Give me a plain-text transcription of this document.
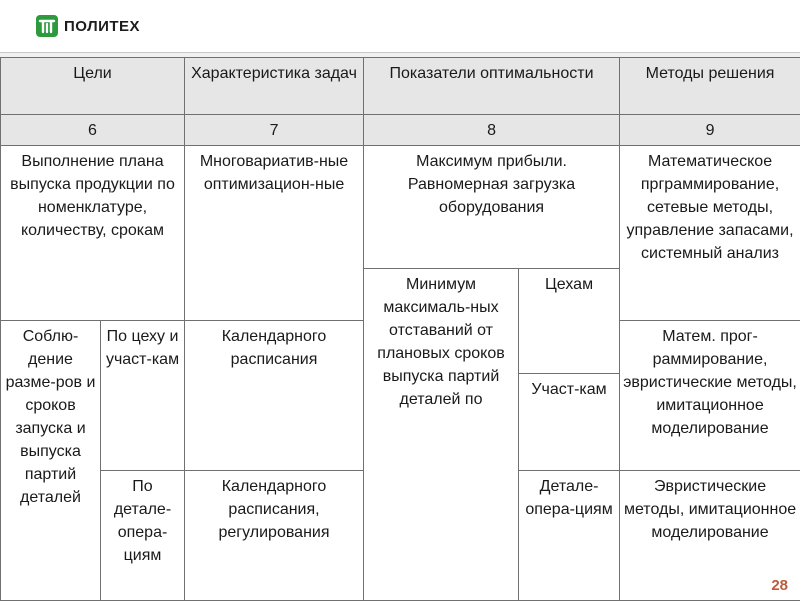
ПОЛИТЕХ
Цели		Характеристика задач	Показатели оптимальности		Методы решения
6		7	8		9
Выполнение плана выпуска продукции по номенклатуре, количеству, срокам		Многовариатив-ные оптимизацион-ные	Максимум прибыли. Равномерная загрузка оборудования		Математическое прграммирование, сетевые методы, управление запасами, системный анализ
			Минимум максималь-ных отставаний от плановых сроков выпуска партий деталей по	Цехам	
Соблю-дение разме-ров и сроков запуска и выпуска партий деталей	По цеху и участ-кам	Календарного расписания			Матем. прог-раммирование, эвристические методы, имитационное моделирование
				Участ-кам	
	По детале-опера-циям	Календарного расписания, регулирования		Детале-опера-циям	Эвристические методы, имитационное моделирование
28
